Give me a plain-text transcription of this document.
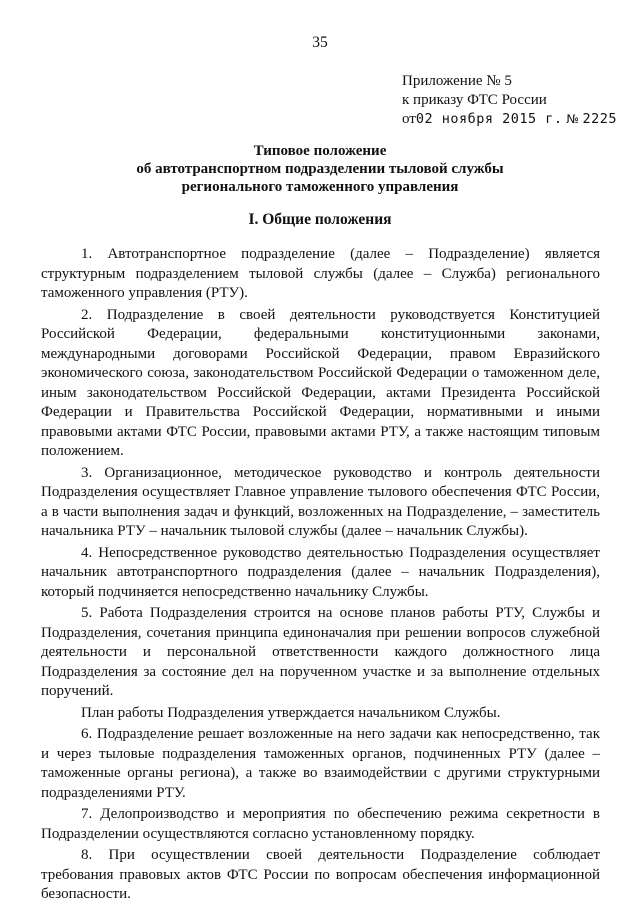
35
Приложение № 5
к приказу ФТС России
от02 ноября 2015 г. № 2225
Типовое положение
об автотранспортном подразделении тыловой службы
регионального таможенного управления
I. Общие положения

1. Автотранспортное подразделение (далее – Подразделение) является структурным подразделением тыловой службы (далее – Служба) регионального таможенного управления (РТУ).

2. Подразделение в своей деятельности руководствуется Конституцией Российской Федерации, федеральными конституционными законами, международными договорами Российской Федерации, правом Евразийского экономического союза, законодательством Российской Федерации о таможенном деле, иным законодательством Российской Федерации, актами Президента Российской Федерации и Правительства Российской Федерации, нормативными и иными правовыми актами ФТС России, правовыми актами РТУ, а также настоящим типовым положением.

3. Организационное, методическое руководство и контроль деятельности Подразделения осуществляет Главное управление тылового обеспечения ФТС России, а в части выполнения задач и функций, возложенных на Подразделение, – заместитель начальника РТУ – начальник тыловой службы (далее – начальник Службы).

4. Непосредственное руководство деятельностью Подразделения осуществляет начальник автотранспортного подразделения (далее – начальник Подразделения), который подчиняется непосредственно начальнику Службы.

5. Работа Подразделения строится на основе планов работы РТУ, Службы и Подразделения, сочетания принципа единоначалия при решении вопросов служебной деятельности и персональной ответственности каждого должностного лица Подразделения за состояние дел на порученном участке и за выполнение отдельных поручений.

План работы Подразделения утверждается начальником Службы.

6. Подразделение решает возложенные на него задачи как непосредственно, так и через тыловые подразделения таможенных органов, подчиненных РТУ (далее – таможенные органы региона), а также во взаимодействии с другими структурными подразделениями РТУ.

7. Делопроизводство и мероприятия по обеспечению режима секретности в Подразделении осуществляются согласно установленному порядку.

8. При осуществлении своей деятельности Подразделение соблюдает требования правовых актов ФТС России по вопросам обеспечения информационной безопасности.
